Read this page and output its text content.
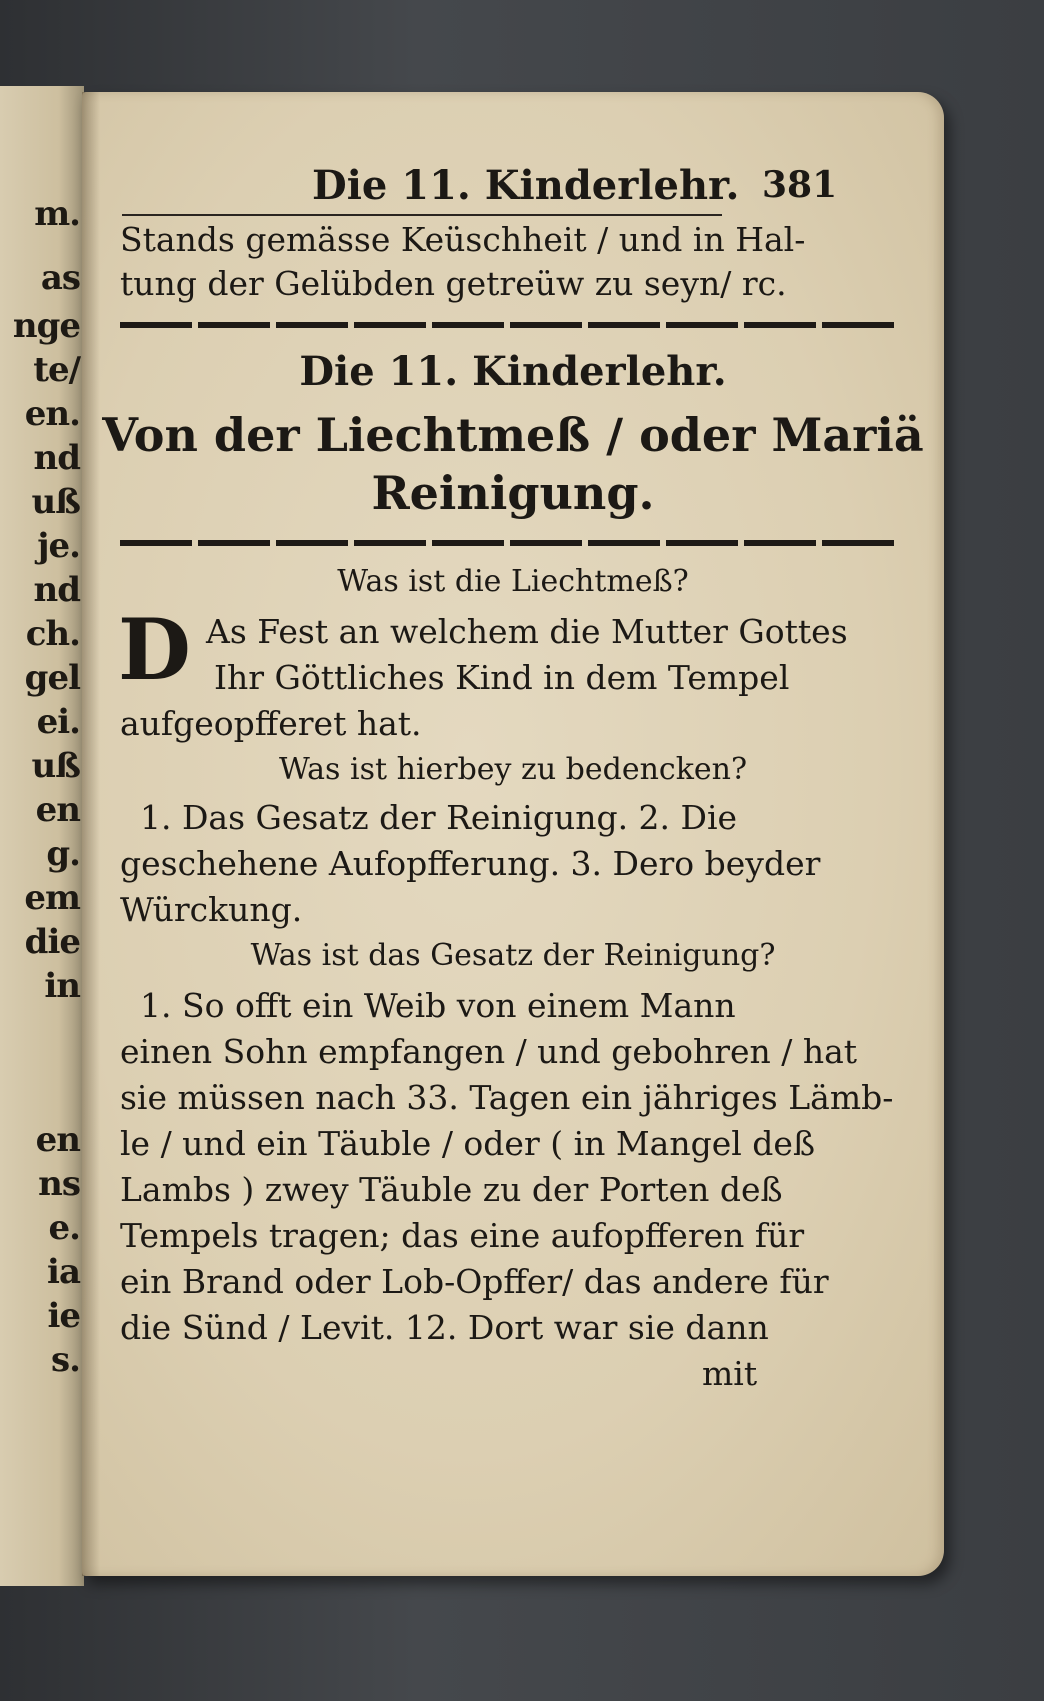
m.
as
nge
te/
en.
nd
uß
je.
nd
ch.
gel
ei.
uß
en
g.
em
die
in
en
ns
e.
ia
ie
s.
Die 11. Kinderlehr. 381
Stands gemässe Keüschheit / und in Hal-
tung der Gelübden getreüw zu seyn/ rc.
Die 11. Kinderlehr.
Von der Liechtmeß / oder Mariä
Reinigung.
Was ist die Liechtmeß?
D As Fest an welchem die Mutter Gottes
Ihr Göttliches Kind in dem Tempel
aufgeopfferet hat.
Was ist hierbey zu bedencken?
1. Das Gesatz der Reinigung. 2. Die
geschehene Aufopfferung. 3. Dero beyder
Würckung.
Was ist das Gesatz der Reinigung?
1. So offt ein Weib von einem Mann
einen Sohn empfangen / und gebohren / hat
sie müssen nach 33. Tagen ein jähriges Lämb-
le / und ein Täuble / oder ( in Mangel deß
Lambs ) zwey Täuble zu der Porten deß
Tempels tragen; das eine aufopfferen für
ein Brand oder Lob-Opffer/ das andere für
die Sünd / Levit. 12. Dort war sie dann
mit
